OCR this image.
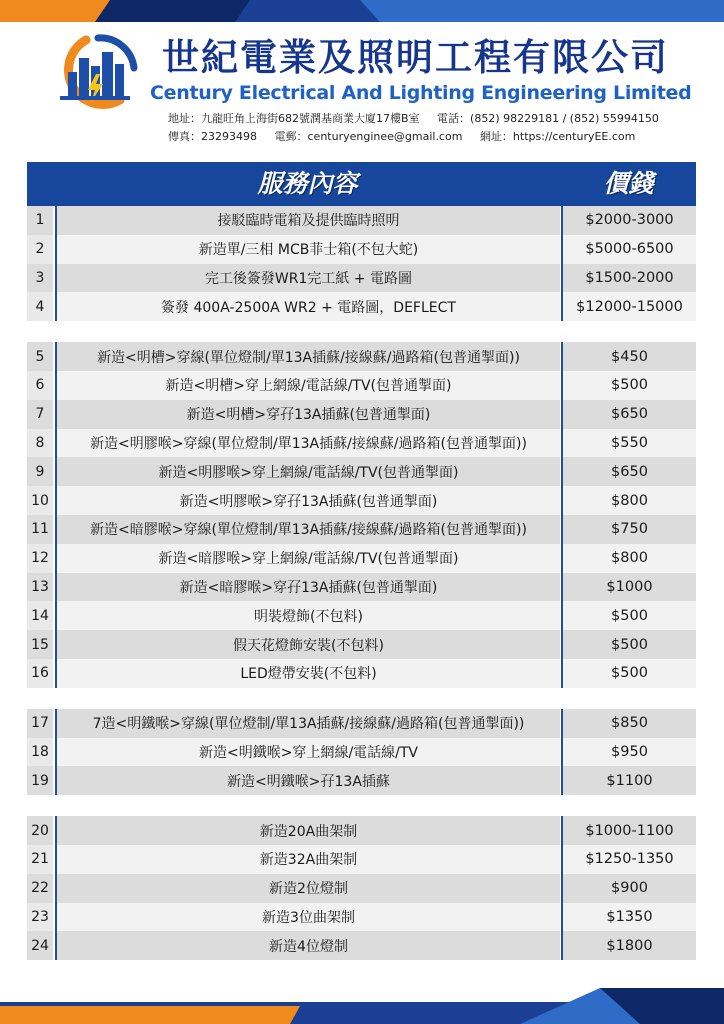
世紀電業及照明工程有限公司
Century Electrical And Lighting Engineering Limited
地址：九龍旺角上海街682號潤基商業大廈17樓B室 電話：(852) 98229181 / (852) 55994150
傳真：23293498 電郵：centuryenginee@gmail.com 網址：https://centuryEE.com
服務內容	價錢
1	接駁臨時電箱及提供臨時照明	$2000-3000
2	新造單/三相 MCB菲士箱(不包大蛇)	$5000-6500
3	完工後簽發WR1完工紙 + 電路圖	$1500-2000
4	簽發 400A-2500A WR2 + 電路圖，DEFLECT	$12000-15000
5	新造<明槽>穿線(單位燈制/單13A插蘇/接線蘇/過路箱(包普通掣面))	$450
6	新造<明槽>穿上網線/電話線/TV(包普通掣面)	$500
7	新造<明槽>穿孖13A插蘇(包普通掣面)	$650
8	新造<明膠喉>穿線(單位燈制/單13A插蘇/接線蘇/過路箱(包普通掣面))	$550
9	新造<明膠喉>穿上網線/電話線/TV(包普通掣面)	$650
10	新造<明膠喉>穿孖13A插蘇(包普通掣面)	$800
11	新造<暗膠喉>穿線(單位燈制/單13A插蘇/接線蘇/過路箱(包普通掣面))	$750
12	新造<暗膠喉>穿上網線/電話線/TV(包普通掣面)	$800
13	新造<暗膠喉>穿孖13A插蘇(包普通掣面)	$1000
14	明裝燈飾(不包料)	$500
15	假天花燈飾安裝(不包料)	$500
16	LED燈帶安裝(不包料)	$500
17	7造<明鐵喉>穿線(單位燈制/單13A插蘇/接線蘇/過路箱(包普通掣面))	$850
18	新造<明鐵喉>穿上網線/電話線/TV	$950
19	新造<明鐵喉>孖13A插蘇	$1100
20	新造20A曲架制	$1000-1100
21	新造32A曲架制	$1250-1350
22	新造2位燈制	$900
23	新造3位曲架制	$1350
24	新造4位燈制	$1800
